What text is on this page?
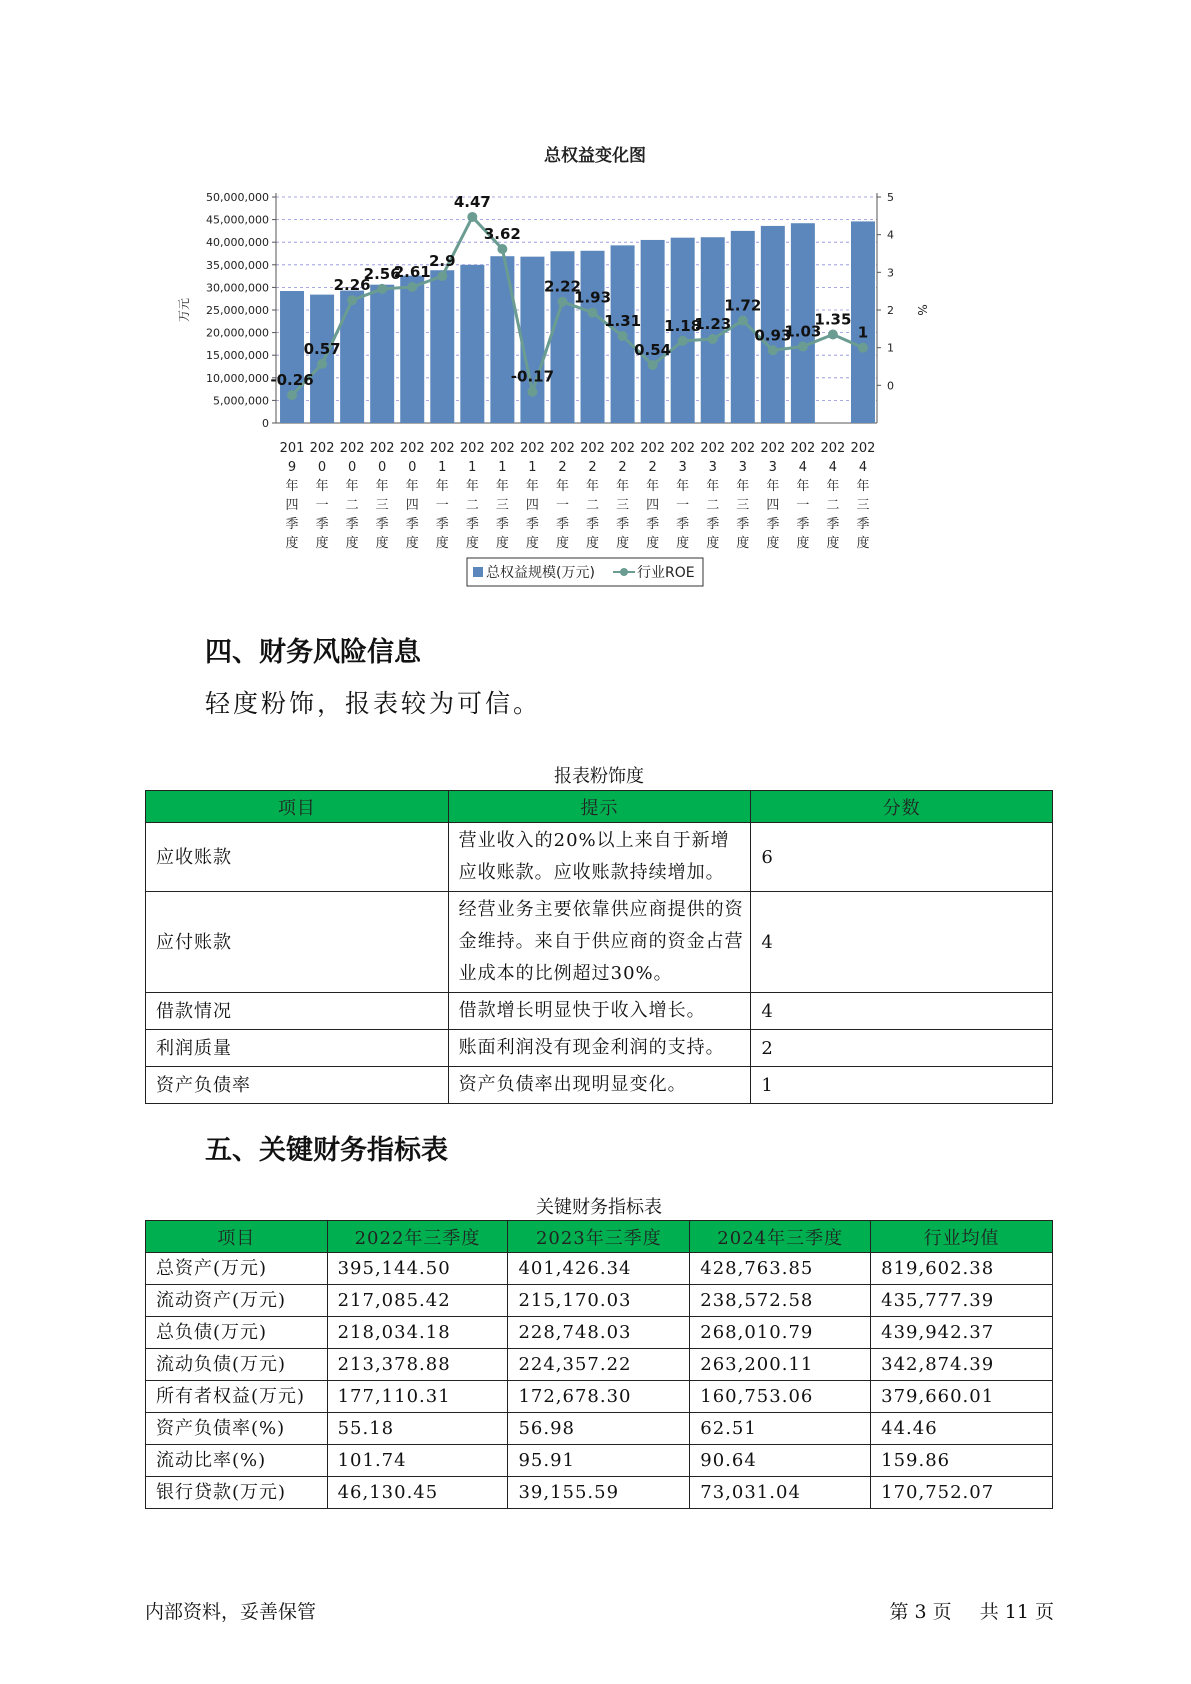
总权益变化图
50,000,000
45,000,000
40,000,000
35,000,000
30,000,000
25,000,000
20,000,000
15,000,000
10,000,000
5,000,000
0
5
4
3
2
1
0
万元	%
-0.26
0.57
2.26
2.56
2.61
2.9
4.47
3.62
-0.17
2.22
1.93
1.31
0.54
1.18
1.23
1.72
0.93
1.03
1.35
1
201
9 年四季度
202
0 年一季度
202
0 年二季度
202
0 年三季度
202
0 年四季度
202
1 年一季度
202
1 年二季度
202
1 年三季度
202
1 年四季度
202
2 年一季度
202
2 年二季度
202
2 年三季度
202
2 年四季度
202
3 年一季度
202
3 年二季度
202
3 年三季度
202
3 年四季度
202
4 年一季度
202
4 年二季度
202
4 年三季度
总权益规模(万元)	行业ROE
四、财务风险信息

轻度粉饰，报表较为可信。

报表粉饰度
项目	提示	分数
应收账款	营业收入的20%以上来自于新增应收账款。应收账款持续增加。	6
应付账款	经营业务主要依靠供应商提供的资金维持。来自于供应商的资金占营业成本的比例超过30%。	4
借款情况	借款增长明显快于收入增长。	4
利润质量	账面利润没有现金利润的支持。	2
资产负债率	资产负债率出现明显变化。	1
五、关键财务指标表
关键财务指标表
项目	2022年三季度	2023年三季度	2024年三季度	行业均值
总资产(万元)	395,144.50	401,426.34	428,763.85	819,602.38
流动资产(万元)	217,085.42	215,170.03	238,572.58	435,777.39
总负债(万元)	218,034.18	228,748.03	268,010.79	439,942.37
流动负债(万元)	213,378.88	224,357.22	263,200.11	342,874.39
所有者权益(万元)	177,110.31	172,678.30	160,753.06	379,660.01
资产负债率(%)	55.18	56.98	62.51	44.46
流动比率(%)	101.74	95.91	90.64	159.86
银行贷款(万元)	46,130.45	39,155.59	73,031.04	170,752.07
内部资料，妥善保管	第 3 页 共 11 页
